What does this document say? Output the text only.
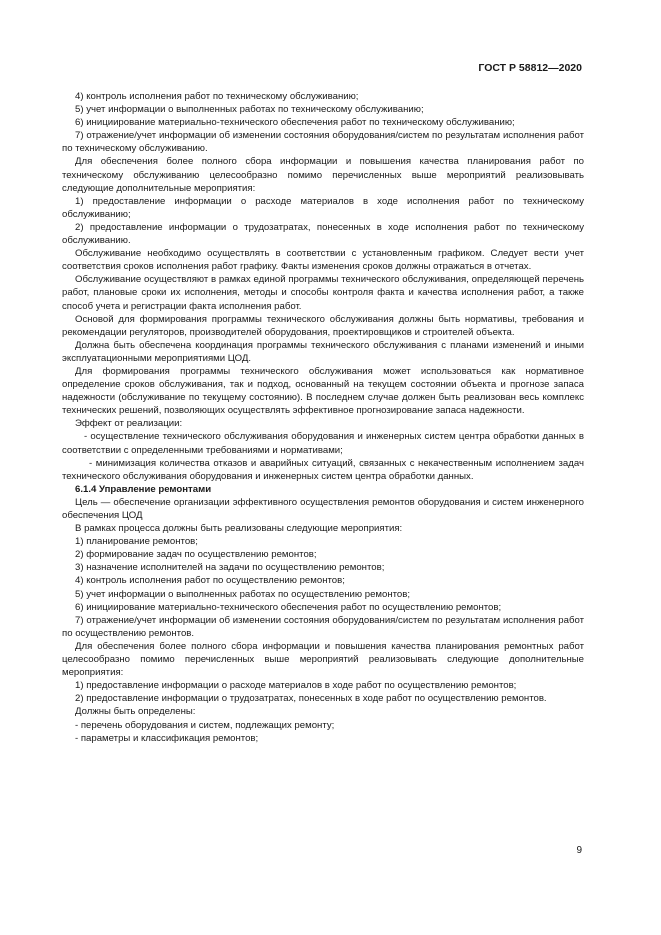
ГОСТ Р 58812—2020

4) контроль исполнения работ по техническому обслуживанию;

5) учет информации о выполненных работах по техническому обслуживанию;

6) инициирование материально-технического обеспечения работ по техническому обслуживанию;

7) отражение/учет информации об изменении состояния оборудования/систем по результатам исполнения работ по техническому обслуживанию.

Для обеспечения более полного сбора информации и повышения качества планирования работ по техническому обслуживанию целесообразно помимо перечисленных выше мероприятий реализовывать следующие дополнительные мероприятия:

1) предоставление информации о расходе материалов в ходе исполнения работ по техническому обслуживанию;

2) предоставление информации о трудозатратах, понесенных в ходе исполнения работ по техническому обслуживанию.

Обслуживание необходимо осуществлять в соответствии с установленным графиком. Следует вести учет соответствия сроков исполнения работ графику. Факты изменения сроков должны отражаться в отчетах.

Обслуживание осуществляют в рамках единой программы технического обслуживания, определяющей перечень работ, плановые сроки их исполнения, методы и способы контроля факта и качества исполнения работ, а также способ учета и регистрации факта исполнения работ.

Основой для формирования программы технического обслуживания должны быть нормативы, требования и рекомендации регуляторов, производителей оборудования, проектировщиков и строителей объекта.

Должна быть обеспечена координация программы технического обслуживания с планами изменений и иными эксплуатационными мероприятиями ЦОД.

Для формирования программы технического обслуживания может использоваться как нормативное определение сроков обслуживания, так и подход, основанный на текущем состоянии объекта и прогнозе запаса надежности (обслуживание по текущему состоянию). В последнем случае должен быть реализован весь комплекс технических решений, позволяющих осуществлять эффективное прогнозирование запаса надежности.

Эффект от реализации:

- осуществление технического обслуживания оборудования и инженерных систем центра обработки данных в соответствии с определенными требованиями и нормативами;

- минимизация количества отказов и аварийных ситуаций, связанных с некачественным исполнением задач технического обслуживания оборудования и инженерных систем центра обработки данных.

6.1.4 Управление ремонтами

Цель — обеспечение организации эффективного осуществления ремонтов оборудования и систем инженерного обеспечения ЦОД

В рамках процесса должны быть реализованы следующие мероприятия:

1) планирование ремонтов;

2) формирование задач по осуществлению ремонтов;

3) назначение исполнителей на задачи по осуществлению ремонтов;

4) контроль исполнения работ по осуществлению ремонтов;

5) учет информации о выполненных работах по осуществлению ремонтов;

6) инициирование материально-технического обеспечения работ по осуществлению ремонтов;

7) отражение/учет информации об изменении состояния оборудования/систем по результатам исполнения работ по осуществлению ремонтов.

Для обеспечения более полного сбора информации и повышения качества планирования ремонтных работ целесообразно помимо перечисленных выше мероприятий реализовывать следующие дополнительные мероприятия:

1) предоставление информации о расходе материалов в ходе работ по осуществлению ремонтов;

2) предоставление информации о трудозатратах, понесенных в ходе работ по осуществлению ремонтов.

Должны быть определены:

- перечень оборудования и систем, подлежащих ремонту;

- параметры и классификация ремонтов;

9
